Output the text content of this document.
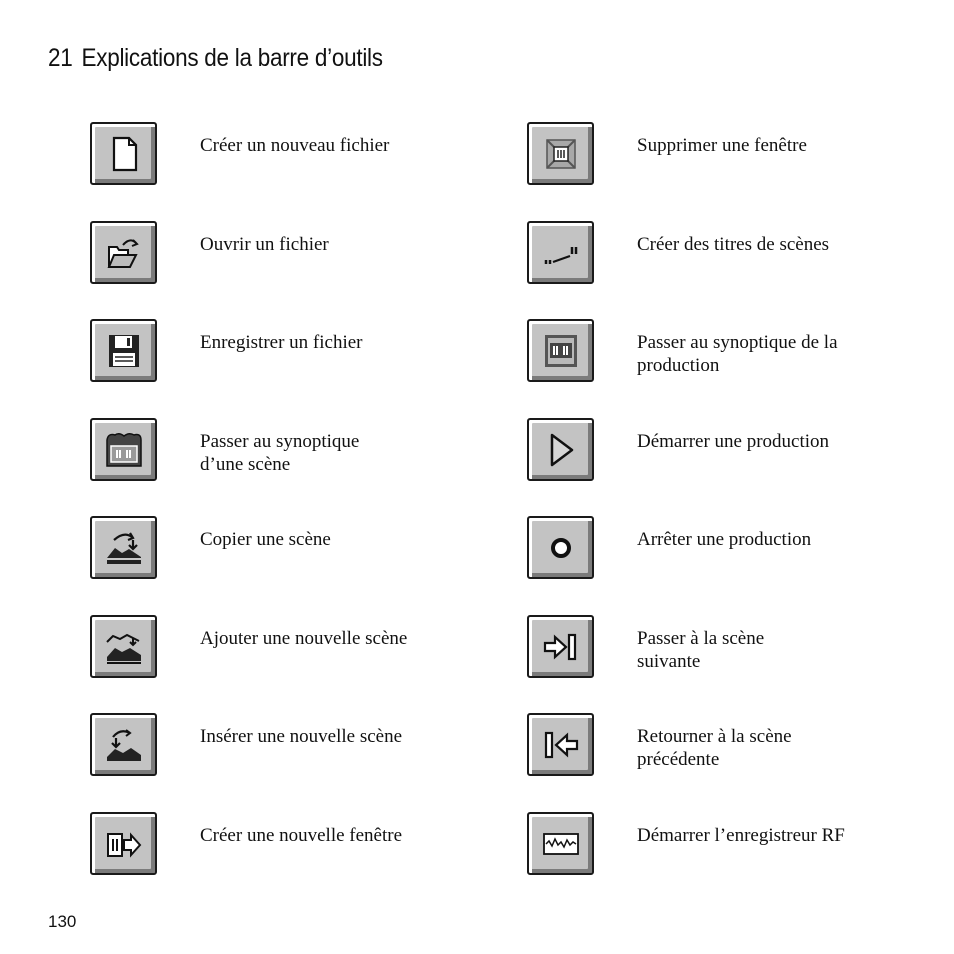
21 Explications de la barre d’outils
Créer un nouveau fichier
Ouvrir un fichier
Enregistrer un fichier
Passer au synoptique
d’une scène
Copier une scène
Ajouter une nouvelle scène
Insérer une nouvelle scène
Créer une nouvelle fenêtre
Supprimer une fenêtre
Créer des titres de scènes
Passer au synoptique de la
production
Démarrer une production
Arrêter une production
Passer à la scène
suivante
Retourner à la scène
précédente
Démarrer l’enregistreur RF
130
